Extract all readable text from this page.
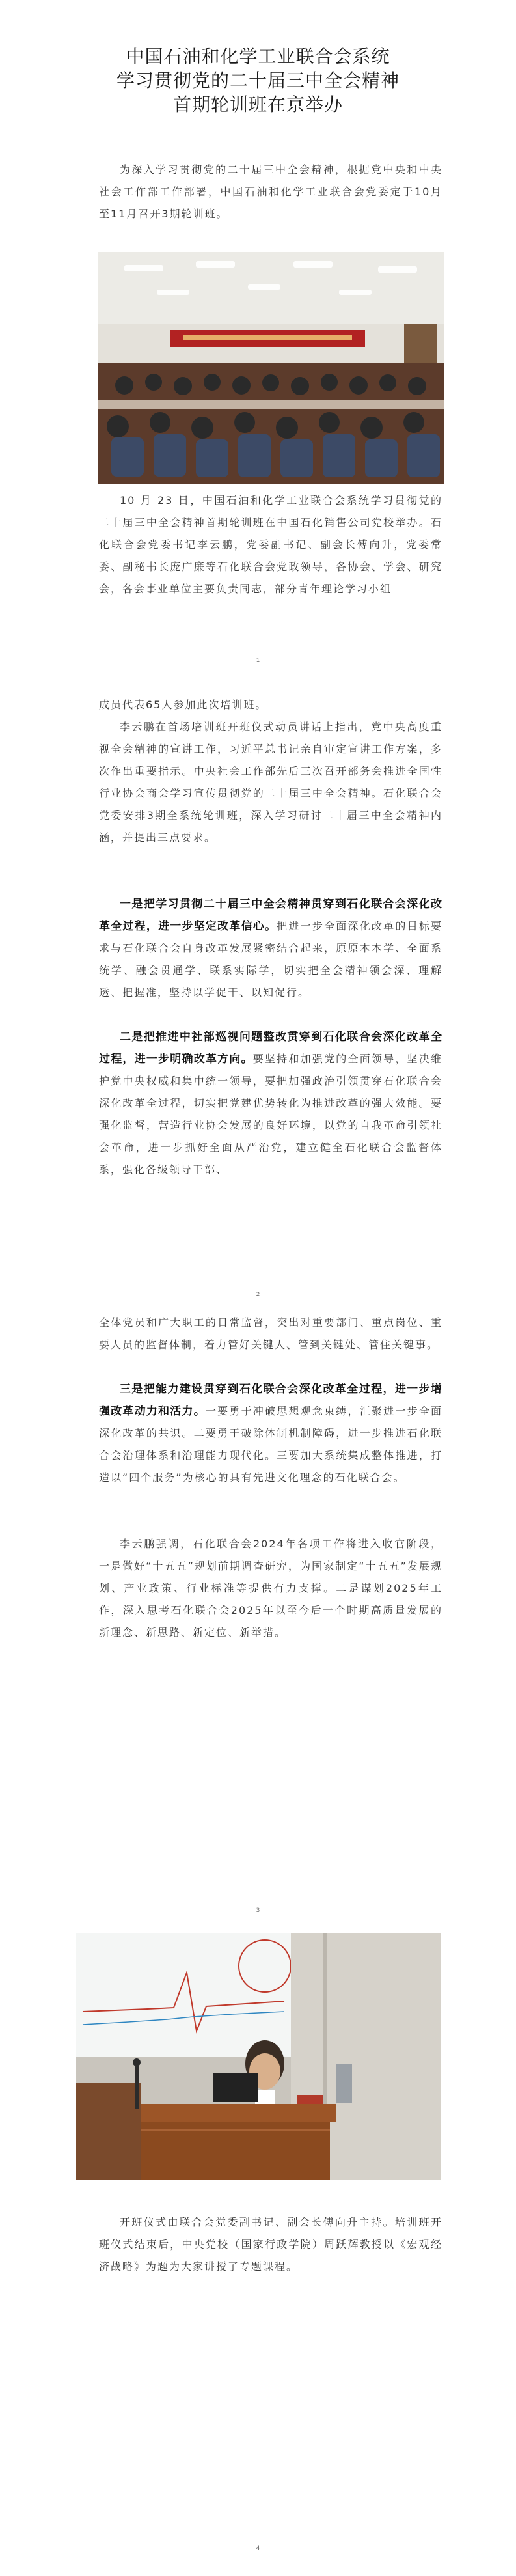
中国石油和化学工业联合会系统
学习贯彻党的二十届三中全会精神
首期轮训班在京举办
为深入学习贯彻党的二十届三中全会精神，根据党中央和中央社会工作部工作部署，中国石油和化学工业联合会党委定于10月至11月召开3期轮训班。
10 月 23 日，中国石油和化学工业联合会系统学习贯彻党的二十届三中全会精神首期轮训班在中国石化销售公司党校举办。石化联合会党委书记李云鹏，党委副书记、副会长傅向升，党委常委、副秘书长庞广廉等石化联合会党政领导，各协会、学会、研究会，各会事业单位主要负责同志，部分青年理论学习小组
1
成员代表65人参加此次培训班。
李云鹏在首场培训班开班仪式动员讲话上指出，党中央高度重视全会精神的宣讲工作，习近平总书记亲自审定宣讲工作方案，多次作出重要指示。中央社会工作部先后三次召开部务会推进全国性行业协会商会学习宣传贯彻党的二十届三中全会精神。石化联合会党委安排3期全系统轮训班，深入学习研讨二十届三中全会精神内涵，并提出三点要求。
一是把学习贯彻二十届三中全会精神贯穿到石化联合会深化改革全过程，进一步坚定改革信心。把进一步全面深化改革的目标要求与石化联合会自身改革发展紧密结合起来，原原本本学、全面系统学、融会贯通学、联系实际学，切实把全会精神领会深、理解透、把握准，坚持以学促干、以知促行。
二是把推进中社部巡视问题整改贯穿到石化联合会深化改革全过程，进一步明确改革方向。要坚持和加强党的全面领导，坚决维护党中央权威和集中统一领导，要把加强政治引领贯穿石化联合会深化改革全过程，切实把党建优势转化为推进改革的强大效能。要强化监督，营造行业协会发展的良好环境，以党的自我革命引领社会革命，进一步抓好全面从严治党，建立健全石化联合会监督体系，强化各级领导干部、
2
全体党员和广大职工的日常监督，突出对重要部门、重点岗位、重要人员的监督体制，着力管好关键人、管到关键处、管住关键事。
三是把能力建设贯穿到石化联合会深化改革全过程，进一步增强改革动力和活力。一要勇于冲破思想观念束缚，汇聚进一步全面深化改革的共识。二要勇于破除体制机制障碍，进一步推进石化联合会治理体系和治理能力现代化。三要加大系统集成整体推进，打造以“四个服务”为核心的具有先进文化理念的石化联合会。
李云鹏强调，石化联合会2024年各项工作将进入收官阶段，一是做好“十五五”规划前期调查研究，为国家制定“十五五”发展规划、产业政策、行业标准等提供有力支撑。二是谋划2025年工作，深入思考石化联合会2025年以至今后一个时期高质量发展的新理念、新思路、新定位、新举措。
3
开班仪式由联合会党委副书记、副会长傅向升主持。培训班开班仪式结束后，中央党校（国家行政学院）周跃辉教授以《宏观经济战略》为题为大家讲授了专题课程。
4
